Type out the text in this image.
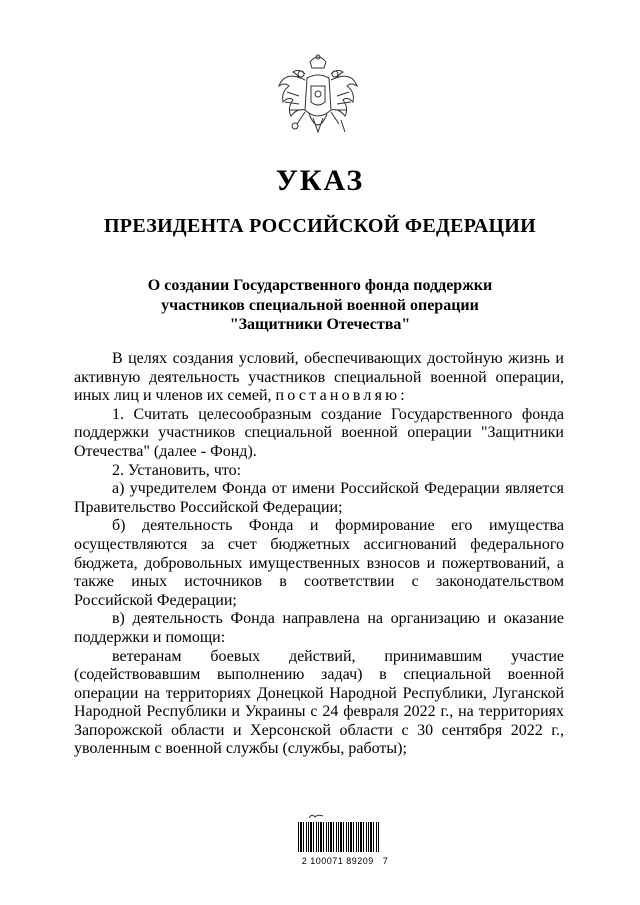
УКАЗ
ПРЕЗИДЕНТА РОССИЙСКОЙ ФЕДЕРАЦИИ
О создании Государственного фонда поддержки
участников специальной военной операции
"Защитники Отечества"

В целях создания условий, обеспечивающих достойную жизнь и активную деятельность участников специальной военной операции, иных лиц и членов их семей, постановляю:

1. Считать целесообразным создание Государственного фонда поддержки участников специальной военной операции "Защитники Отечества" (далее - Фонд).

2. Установить, что:

а) учредителем Фонда от имени Российской Федерации является Правительство Российской Федерации;

б) деятельность Фонда и формирование его имущества осуществляются за счет бюджетных ассигнований федерального бюджета, добровольных имущественных взносов и пожертвований, а также иных источников в соответствии с законодательством Российской Федерации;

в) деятельность Фонда направлена на организацию и оказание поддержки и помощи:

ветеранам боевых действий, принимавшим участие (содействовавшим выполнению задач) в специальной военной операции на территориях Донецкой Народной Республики, Луганской Народной Республики и Украины с 24 февраля 2022 г., на территориях Запорожской области и Херсонской области с 30 сентября 2022 г., уволенным с военной службы (службы, работы);

2 100071 89209   7
